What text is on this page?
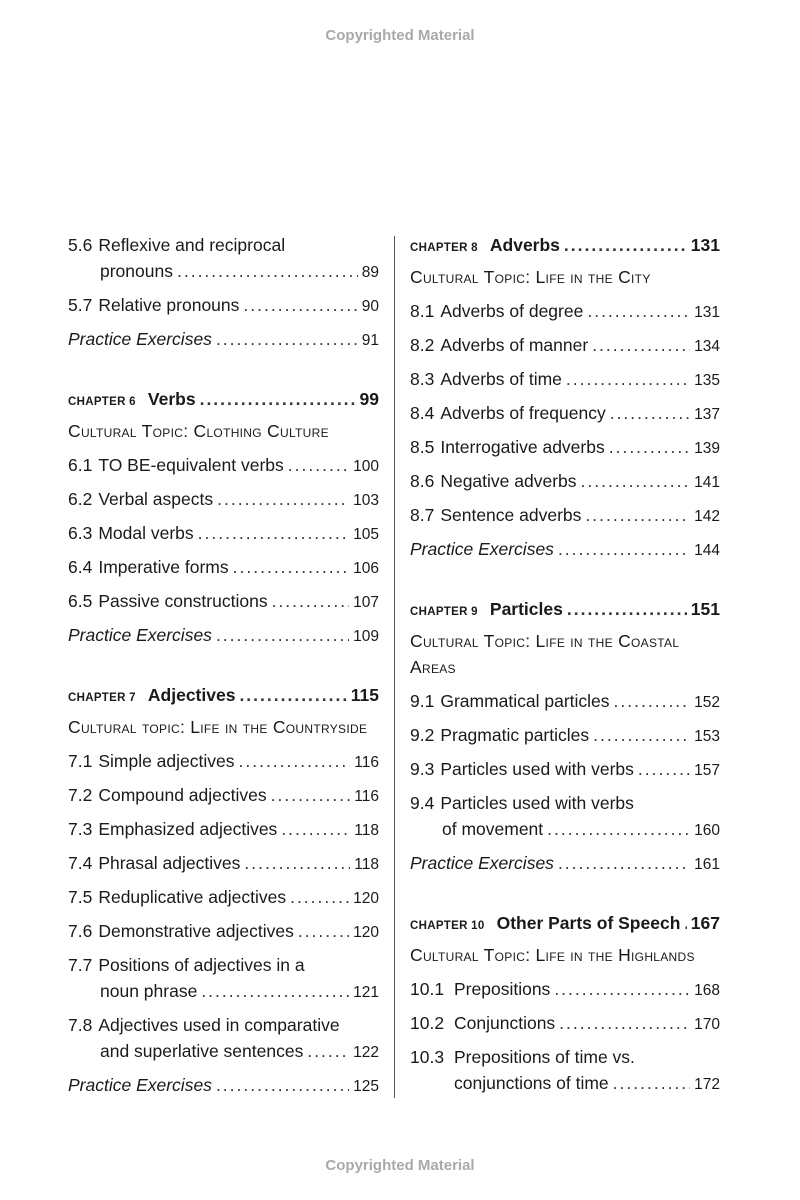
Copyrighted Material
5.6 Reflexive and reciprocal
pronouns .....	89
5.7 Relative pronouns .....	90
Practice Exercises .....	91
CHAPTER 6 Verbs .....	99
Cultural Topic: Clothing Culture
6.1 TO BE-equivalent verbs .....	100
6.2 Verbal aspects .....	103
6.3 Modal verbs .....	105
6.4 Imperative forms .....	106
6.5 Passive constructions .....	107
Practice Exercises .....	109
CHAPTER 7 Adjectives .....	115
Cultural topic: Life in the Countryside
7.1 Simple adjectives .....	116
7.2 Compound adjectives .....	116
7.3 Emphasized adjectives .....	118
7.4 Phrasal adjectives .....	118
7.5 Reduplicative adjectives .....	120
7.6 Demonstrative adjectives .....	120
7.7 Positions of adjectives in a
noun phrase .....	121
7.8 Adjectives used in comparative
and superlative sentences .....	122
Practice Exercises .....	125
CHAPTER 8 Adverbs .....	131
Cultural Topic: Life in the City
8.1 Adverbs of degree .....	131
8.2 Adverbs of manner .....	134
8.3 Adverbs of time .....	135
8.4 Adverbs of frequency .....	137
8.5 Interrogative adverbs .....	139
8.6 Negative adverbs .....	141
8.7 Sentence adverbs .....	142
Practice Exercises .....	144
CHAPTER 9 Particles .....	151
Cultural Topic: Life in the Coastal Areas
9.1 Grammatical particles .....	152
9.2 Pragmatic particles .....	153
9.3 Particles used with verbs .....	157
9.4 Particles used with verbs
of movement .....	160
Practice Exercises .....	161
CHAPTER 10 Other Parts of Speech ..... 167
Cultural Topic: Life in the Highlands
10.1 Prepositions .....	168
10.2 Conjunctions .....	170
10.3 Prepositions of time vs.
conjunctions of time .....	172
Copyrighted Material
